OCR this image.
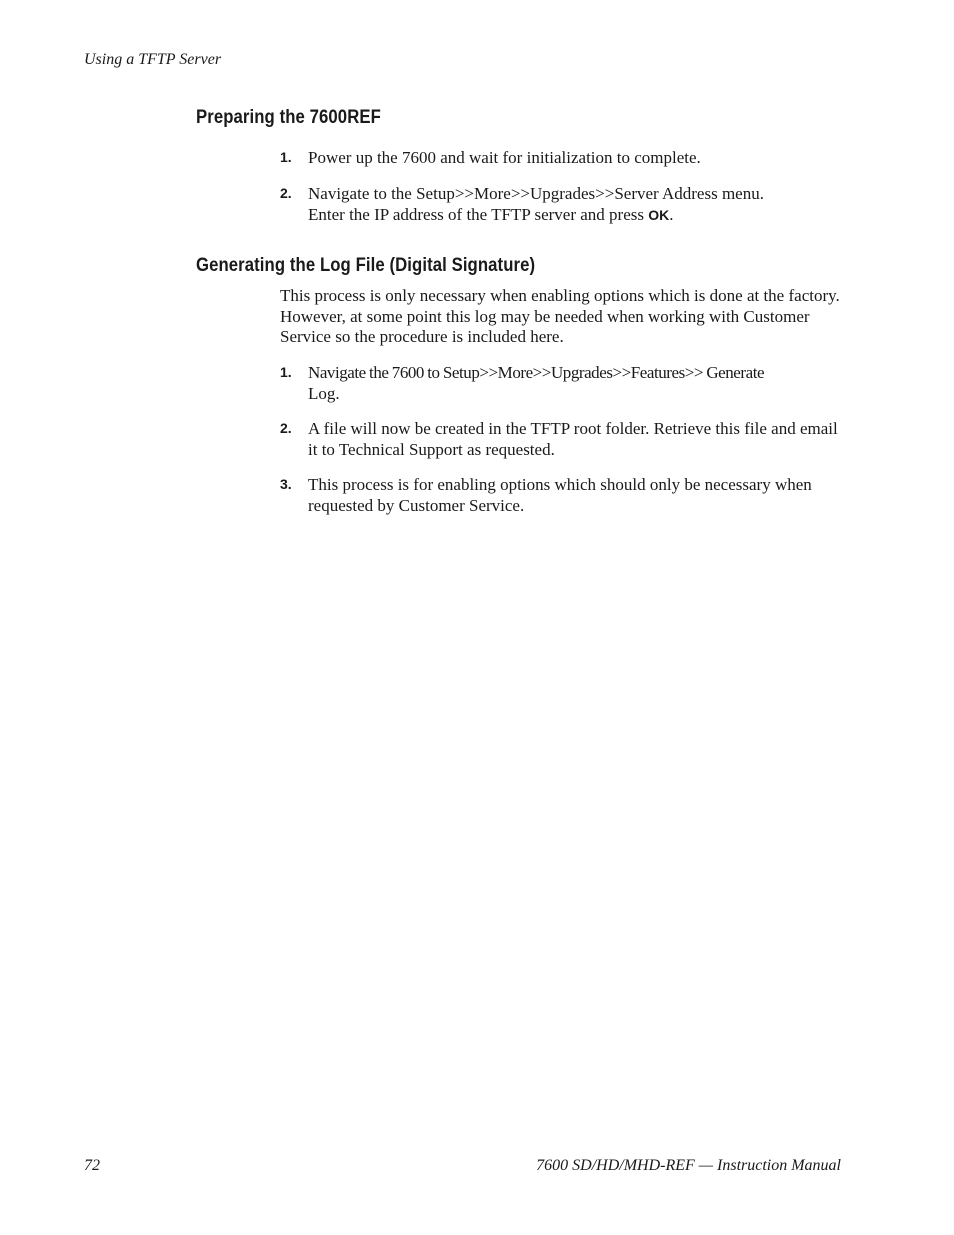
Using a TFTP Server
Preparing the 7600REF
1. Power up the 7600 and wait for initialization to complete.
2. Navigate to the Setup>>More>>Upgrades>>Server Address menu.
Enter the IP address of the TFTP server and press OK.
Generating the Log File (Digital Signature)
This process is only necessary when enabling options which is done at the factory. However, at some point this log may be needed when working with Customer Service so the procedure is included here.
1. Navigate the 7600 to Setup>>More>>Upgrades>>Features>> Generate
Log.
2. A file will now be created in the TFTP root folder. Retrieve this file and email it to Technical Support as requested.
3. This process is for enabling options which should only be necessary when requested by Customer Service.
72	7600 SD/HD/MHD-REF — Instruction Manual
